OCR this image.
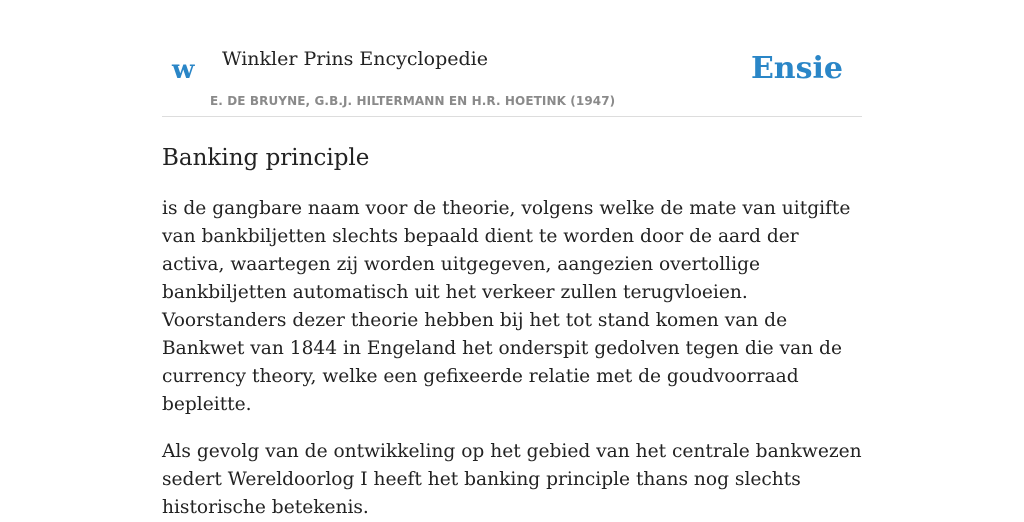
w Winkler Prins Encyclopedie
E. DE BRUYNE, G.B.J. HILTERMANN EN H.R. HOETINK (1947)
Ensie
Banking principle

is de gangbare naam voor de theorie, volgens welke de mate van uitgifte van bankbiljetten slechts bepaald dient te worden door de aard der activa, waartegen zij worden uitgegeven, aangezien overtollige bankbiljetten automatisch uit het verkeer zullen terugvloeien. Voorstanders dezer theorie hebben bij het tot stand komen van de Bankwet van 1844 in Engeland het onderspit gedolven tegen die van de currency theory, welke een gefixeerde relatie met de goudvoorraad bepleitte.

Als gevolg van de ontwikkeling op het gebied van het centrale bankwezen sedert Wereldoorlog I heeft het banking principle thans nog slechts historische betekenis.
